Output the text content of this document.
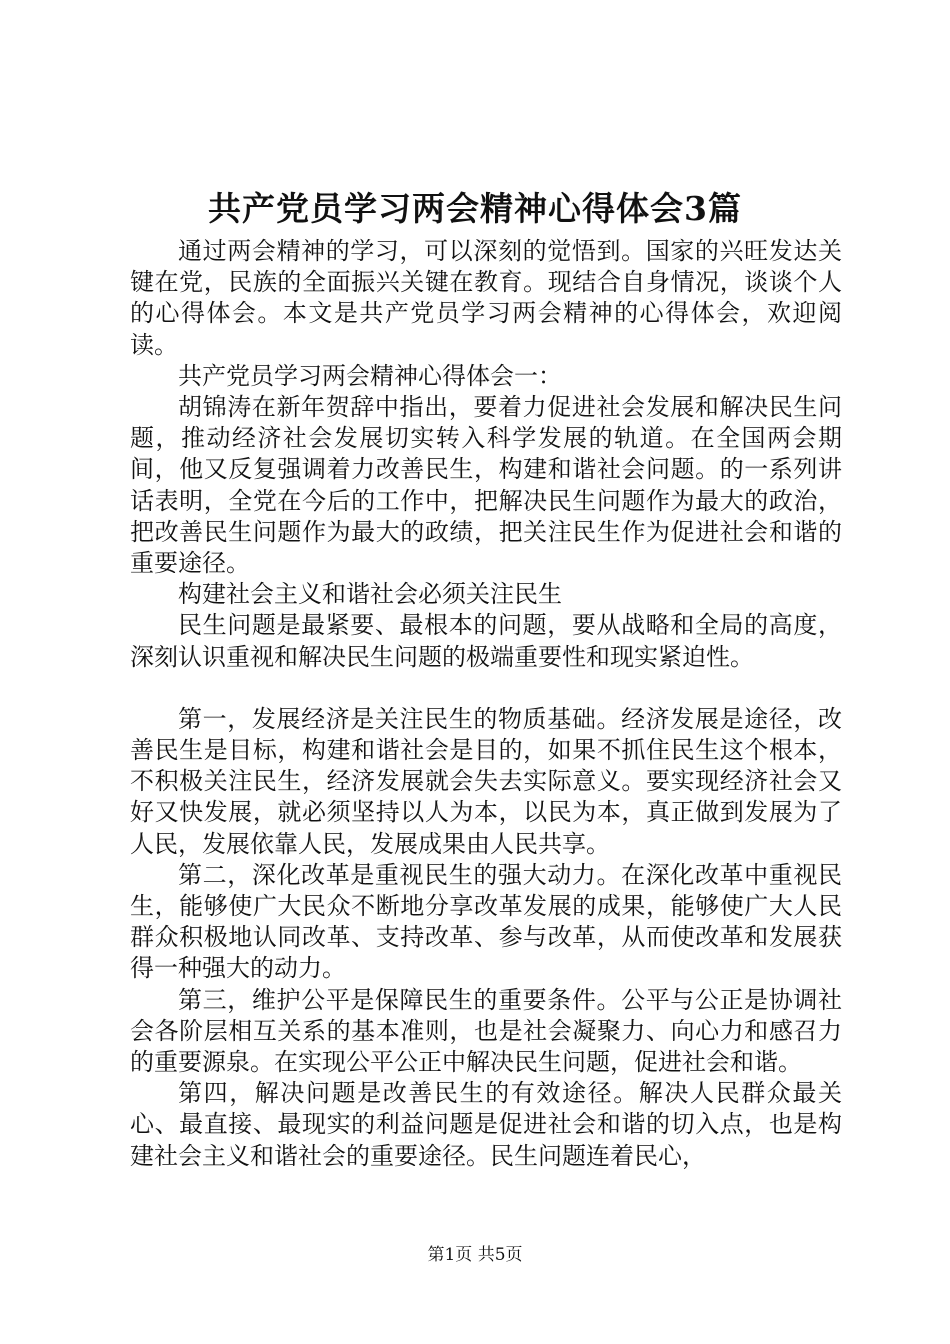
共产党员学习两会精神心得体会3篇

通过两会精神的学习，可以深刻的觉悟到。国家的兴旺发达关键在党，民族的全面振兴关键在教育。现结合自身情况，谈谈个人的心得体会。本文是共产党员学习两会精神的心得体会，欢迎阅读。

共产党员学习两会精神心得体会一：

胡锦涛在新年贺辞中指出，要着力促进社会发展和解决民生问题，推动经济社会发展切实转入科学发展的轨道。在全国两会期间，他又反复强调着力改善民生，构建和谐社会问题。的一系列讲话表明，全党在今后的工作中，把解决民生问题作为最大的政治，把改善民生问题作为最大的政绩，把关注民生作为促进社会和谐的重要途径。

构建社会主义和谐社会必须关注民生

民生问题是最紧要、最根本的问题，要从战略和全局的高度，深刻认识重视和解决民生问题的极端重要性和现实紧迫性。

第一，发展经济是关注民生的物质基础。经济发展是途径，改善民生是目标，构建和谐社会是目的，如果不抓住民生这个根本，不积极关注民生，经济发展就会失去实际意义。要实现经济社会又好又快发展，就必须坚持以人为本，以民为本，真正做到发展为了人民，发展依靠人民，发展成果由人民共享。

第二，深化改革是重视民生的强大动力。在深化改革中重视民生，能够使广大民众不断地分享改革发展的成果，能够使广大人民群众积极地认同改革、支持改革、参与改革，从而使改革和发展获得一种强大的动力。

第三，维护公平是保障民生的重要条件。公平与公正是协调社会各阶层相互关系的基本准则，也是社会凝聚力、向心力和感召力的重要源泉。在实现公平公正中解决民生问题，促进社会和谐。

第四，解决问题是改善民生的有效途径。解决人民群众最关心、最直接、最现实的利益问题是促进社会和谐的切入点，也是构建社会主义和谐社会的重要途径。民生问题连着民心，

第1页 共5页
